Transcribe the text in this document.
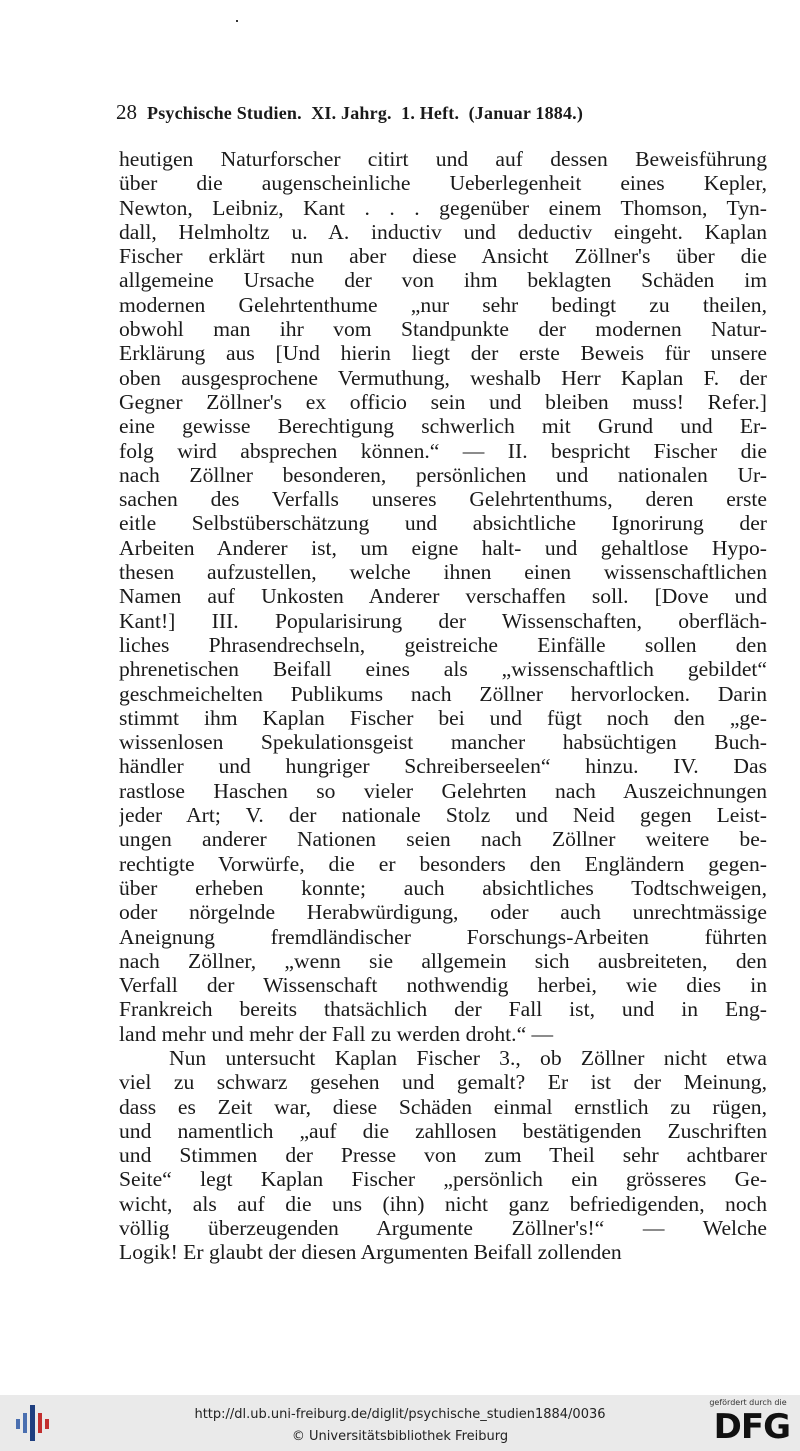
28 Psychische Studien.  XI. Jahrg.  1. Heft.  (Januar 1884.)
heutigen Naturforscher citirt und auf dessen Beweisführung
über die augenscheinliche Ueberlegenheit eines Kepler,
Newton, Leibniz, Kant . . . gegenüber einem Thomson, Tyn-
dall, Helmholtz u. A. inductiv und deductiv eingeht. Kaplan
Fischer erklärt nun aber diese Ansicht Zöllner's über die
allgemeine Ursache der von ihm beklagten Schäden im
modernen Gelehrtenthume „nur sehr bedingt zu theilen,
obwohl man ihr vom Standpunkte der modernen Natur-
Erklärung aus [Und hierin liegt der erste Beweis für unsere
oben ausgesprochene Vermuthung, weshalb Herr Kaplan F. der
Gegner Zöllner's ex officio sein und bleiben muss! Refer.]
eine gewisse Berechtigung schwerlich mit Grund und Er-
folg wird absprechen können.“ — II. bespricht Fischer die
nach Zöllner besonderen, persönlichen und nationalen Ur-
sachen des Verfalls unseres Gelehrtenthums, deren erste
eitle Selbstüberschätzung und absichtliche Ignorirung der
Arbeiten Anderer ist, um eigne halt- und gehaltlose Hypo-
thesen aufzustellen, welche ihnen einen wissenschaftlichen
Namen auf Unkosten Anderer verschaffen soll. [Dove und
Kant!] III. Popularisirung der Wissenschaften, oberfläch-
liches Phrasendrechseln, geistreiche Einfälle sollen den
phrenetischen Beifall eines als „wissenschaftlich gebildet“
geschmeichelten Publikums nach Zöllner hervorlocken. Darin
stimmt ihm Kaplan Fischer bei und fügt noch den „ge-
wissenlosen Spekulationsgeist mancher habsüchtigen Buch-
händler und hungriger Schreiberseelen“ hinzu. IV. Das
rastlose Haschen so vieler Gelehrten nach Auszeichnungen
jeder Art; V. der nationale Stolz und Neid gegen Leist-
ungen anderer Nationen seien nach Zöllner weitere be-
rechtigte Vorwürfe, die er besonders den Engländern gegen-
über erheben konnte; auch absichtliches Todtschweigen,
oder nörgelnde Herabwürdigung, oder auch unrechtmässige
Aneignung fremdländischer Forschungs-Arbeiten führten
nach Zöllner, „wenn sie allgemein sich ausbreiteten, den
Verfall der Wissenschaft nothwendig herbei, wie dies in
Frankreich bereits thatsächlich der Fall ist, und in Eng-
land mehr und mehr der Fall zu werden droht.“ —
Nun untersucht Kaplan Fischer 3., ob Zöllner nicht etwa
viel zu schwarz gesehen und gemalt? Er ist der Meinung,
dass es Zeit war, diese Schäden einmal ernstlich zu rügen,
und namentlich „auf die zahllosen bestätigenden Zuschriften
und Stimmen der Presse von zum Theil sehr achtbarer
Seite“ legt Kaplan Fischer „persönlich ein grösseres Ge-
wicht, als auf die uns (ihn) nicht ganz befriedigenden, noch
völlig überzeugenden Argumente Zöllner's!“ — Welche
Logik! Er glaubt der diesen Argumenten Beifall zollenden
http://dl.ub.uni-freiburg.de/diglit/psychische_studien1884/0036
© Universitätsbibliothek Freiburg
gefördert durch die
DFG
